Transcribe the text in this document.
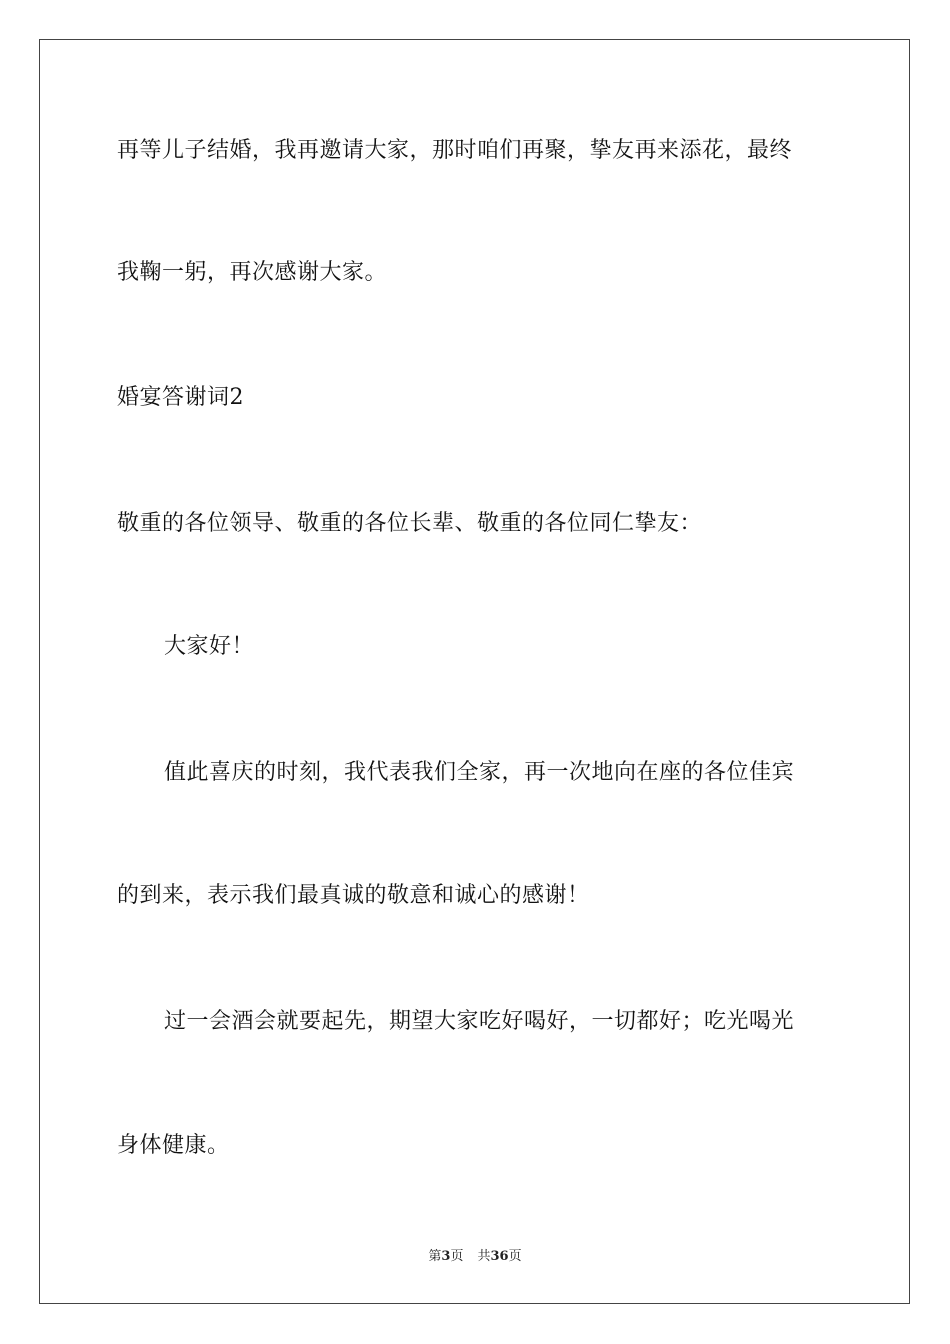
再等儿子结婚，我再邀请大家，那时咱们再聚，挚友再来添花，最终
我鞠一躬，再次感谢大家。
婚宴答谢词2
敬重的各位领导、敬重的各位长辈、敬重的各位同仁挚友：
大家好！
值此喜庆的时刻，我代表我们全家，再一次地向在座的各位佳宾
的到来，表示我们最真诚的敬意和诚心的感谢！
过一会酒会就要起先，期望大家吃好喝好，一切都好；吃光喝光
身体健康。
第3页 共36页
